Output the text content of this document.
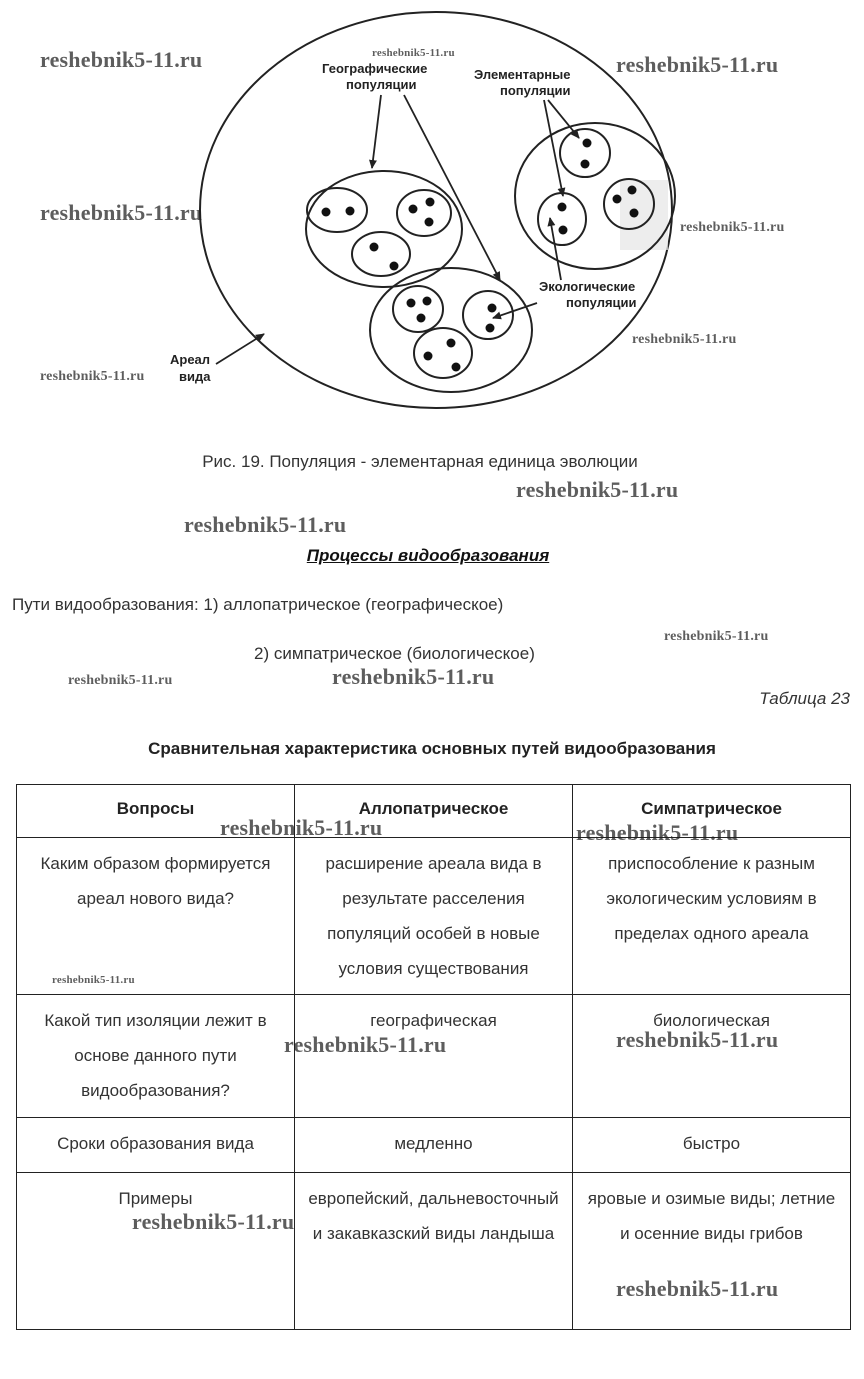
Географические популяции
Элементарные популяции
Экологические популяции
Ареал вида
reshebnik5-11.ru	reshebnik5-11.ru	reshebnik5-11.ru
reshebnik5-11.ru
reshebnik5-11.ru
reshebnik5-11.ru
reshebnik5-11.ru
reshebnik5-11.ru
reshebnik5-11.ru
reshebnik5-11.ru
reshebnik5-11.ru	reshebnik5-11.ru
Рис. 19. Популяция - элементарная единица эволюции
Процессы видообразования
Пути видообразования: 1) аллопатрическое (географическое)
2) симпатрическое (биологическое)
Таблица 23
Сравнительная характеристика основных путей видообразования
Вопросы	Аллопатрическое	Симпатрическое
Каким образом формируется ареал нового вида?	расширение ареала вида в результате расселения популяций особей в новые условия существования	приспособление к разным экологическим условиям в пределах одного ареала
Какой тип изоляции лежит в основе данного пути видообразования?	географическая	биологическая
Сроки образования вида	медленно	быстро
Примеры	европейский, дальневосточный и закавказский виды ландыша	яровые и озимые виды; летние и осенние виды грибов
reshebnik5-11.ru	reshebnik5-11.ru
reshebnik5-11.ru
reshebnik5-11.ru	reshebnik5-11.ru
reshebnik5-11.ru
reshebnik5-11.ru
